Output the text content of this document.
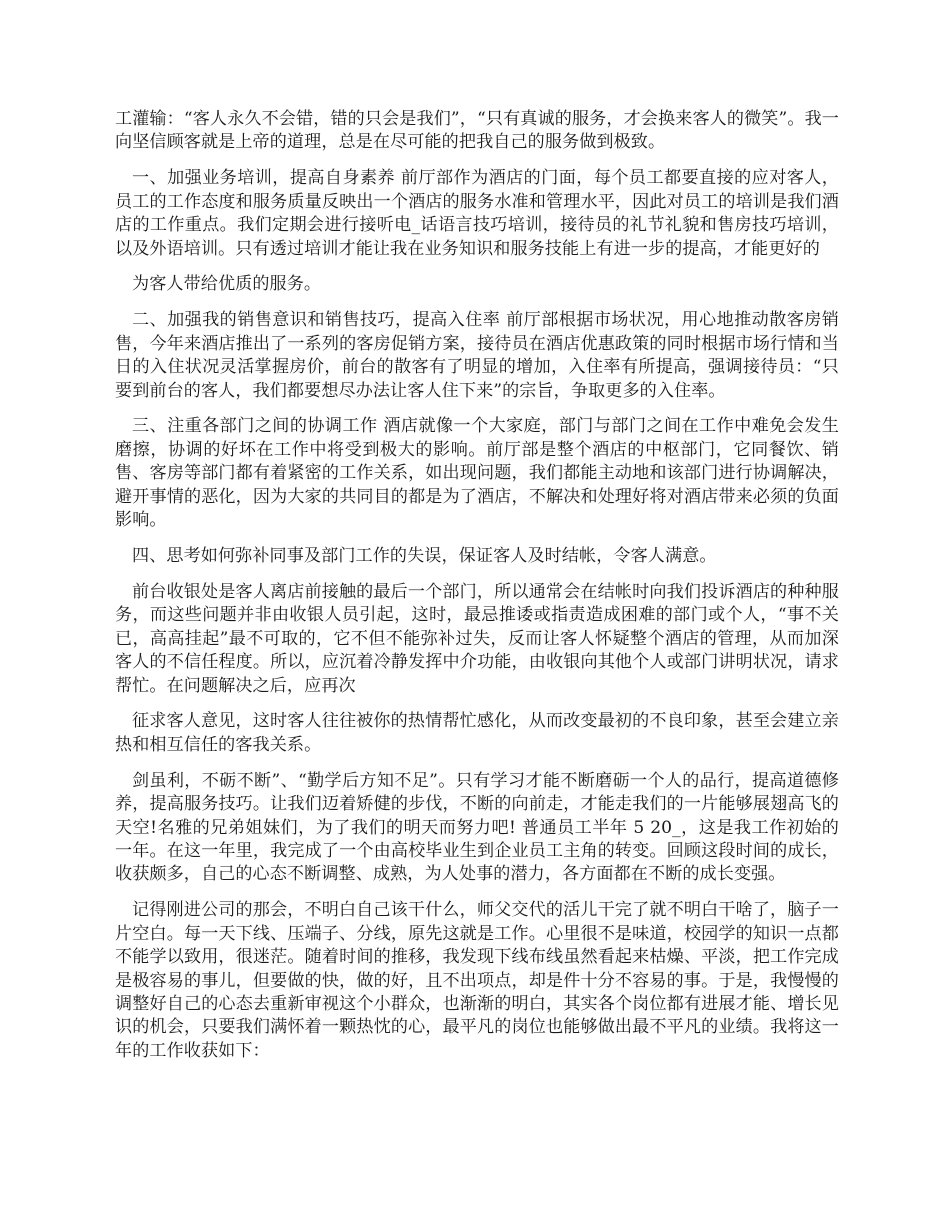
工灌输：“客人永久不会错，错的只会是我们”，“只有真诚的服务，才会换来客人的微笑”。我一向坚信顾客就是上帝的道理，总是在尽可能的把我自己的服务做到极致。

一、加强业务培训，提高自身素养 前厅部作为酒店的门面，每个员工都要直接的应对客人，员工的工作态度和服务质量反映出一个酒店的服务水准和管理水平，因此对员工的培训是我们酒店的工作重点。我们定期会进行接听电_话语言技巧培训，接待员的礼节礼貌和售房技巧培训，以及外语培训。只有透过培训才能让我在业务知识和服务技能上有进一步的提高，才能更好的

为客人带给优质的服务。

二、加强我的销售意识和销售技巧，提高入住率 前厅部根据市场状况，用心地推动散客房销售，今年来酒店推出了一系列的客房促销方案，接待员在酒店优惠政策的同时根据市场行情和当日的入住状况灵活掌握房价，前台的散客有了明显的增加，入住率有所提高，强调接待员：“只要到前台的客人，我们都要想尽办法让客人住下来”的宗旨，争取更多的入住率。

三、注重各部门之间的协调工作 酒店就像一个大家庭，部门与部门之间在工作中难免会发生磨擦，协调的好坏在工作中将受到极大的影响。前厅部是整个酒店的中枢部门，它同餐饮、销售、客房等部门都有着紧密的工作关系，如出现问题，我们都能主动地和该部门进行协调解决，避开事情的恶化，因为大家的共同目的都是为了酒店，不解决和处理好将对酒店带来必须的负面影响。

四、思考如何弥补同事及部门工作的失误，保证客人及时结帐，令客人满意。

前台收银处是客人离店前接触的最后一个部门，所以通常会在结帐时向我们投诉酒店的种种服务，而这些问题并非由收银人员引起，这时，最忌推诿或指责造成困难的部门或个人，“事不关已，高高挂起”最不可取的，它不但不能弥补过失，反而让客人怀疑整个酒店的管理，从而加深客人的不信任程度。所以，应沉着冷静发挥中介功能，由收银向其他个人或部门讲明状况，请求帮忙。在问题解决之后，应再次

征求客人意见，这时客人往往被你的热情帮忙感化，从而改变最初的不良印象，甚至会建立亲热和相互信任的客我关系。

剑虽利，不砺不断”、“勤学后方知不足”。只有学习才能不断磨砺一个人的品行，提高道德修养，提高服务技巧。让我们迈着矫健的步伐，不断的向前走，才能走我们的一片能够展翅高飞的天空!名雅的兄弟姐妹们，为了我们的明天而努力吧! 普通员工半年 5 20_，这是我工作初始的一年。在这一年里，我完成了一个由高校毕业生到企业员工主角的转变。回顾这段时间的成长，收获颇多，自己的心态不断调整、成熟，为人处事的潜力，各方面都在不断的成长变强。

记得刚进公司的那会，不明白自己该干什么，师父交代的活儿干完了就不明白干啥了，脑子一片空白。每一天下线、压端子、分线，原先这就是工作。心里很不是味道，校园学的知识一点都不能学以致用，很迷茫。随着时间的推移，我发现下线布线虽然看起来枯燥、平淡，把工作完成是极容易的事儿，但要做的快，做的好，且不出项点，却是件十分不容易的事。于是，我慢慢的调整好自己的心态去重新审视这个小群众，也渐渐的明白，其实各个岗位都有进展才能、增长见识的机会，只要我们满怀着一颗热忱的心，最平凡的岗位也能够做出最不平凡的业绩。我将这一年的工作收获如下：
